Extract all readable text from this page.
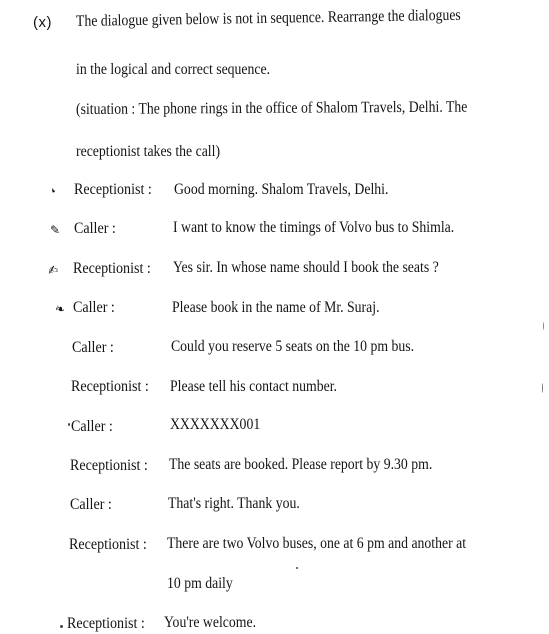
(x) The dialogue given below is not in sequence. Rearrange the dialogues
in the logical and correct sequence.
(situation : The phone rings in the office of Shalom Travels, Delhi. The
receptionist takes the call)
❛
✎
✍
❧
Receptionist : Good morning. Shalom Travels, Delhi.
Caller :	I want to know the timings of Volvo bus to Shimla.
Receptionist : Yes sir. In whose name should I book the seats ?
Caller :	Please book in the name of Mr. Suraj.
Caller :	Could you reserve 5 seats on the 10 pm bus.
Receptionist : Please tell his contact number.
Caller :	XXXXXXX001
Receptionist : The seats are booked. Please report by 9.30 pm.
Caller :	That's right. Thank you.
Receptionist : There are two Volvo buses, one at 6 pm and another at
10 pm daily
Receptionist : You're welcome.
